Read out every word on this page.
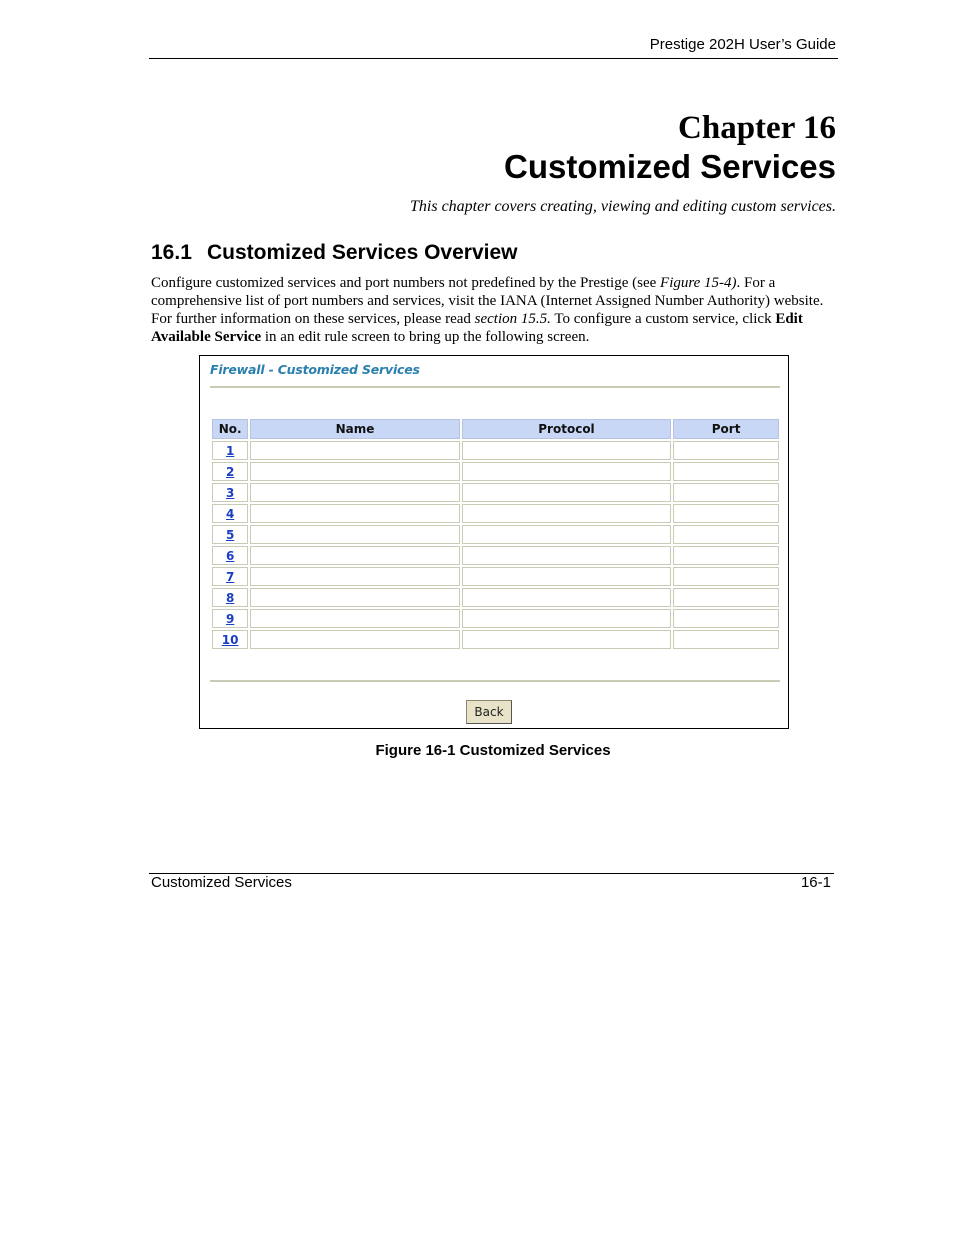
Prestige 202H User’s Guide
Chapter 16
Customized Services
This chapter covers creating, viewing and editing custom services.
16.1 Customized Services Overview
Configure customized services and port numbers not predefined by the Prestige (see Figure 15-4). For a comprehensive list of port numbers and services, visit the IANA (Internet Assigned Number Authority) website. For further information on these services, please read section 15.5. To configure a custom service, click Edit Available Service in an edit rule screen to bring up the following screen.
Firewall - Customized Services
No.	Name	Protocol	Port
1			
2			
3			
4			
5			
6			
7			
8			
9			
10			
Back
Figure 16-1 Customized Services
Customized Services	16-1
